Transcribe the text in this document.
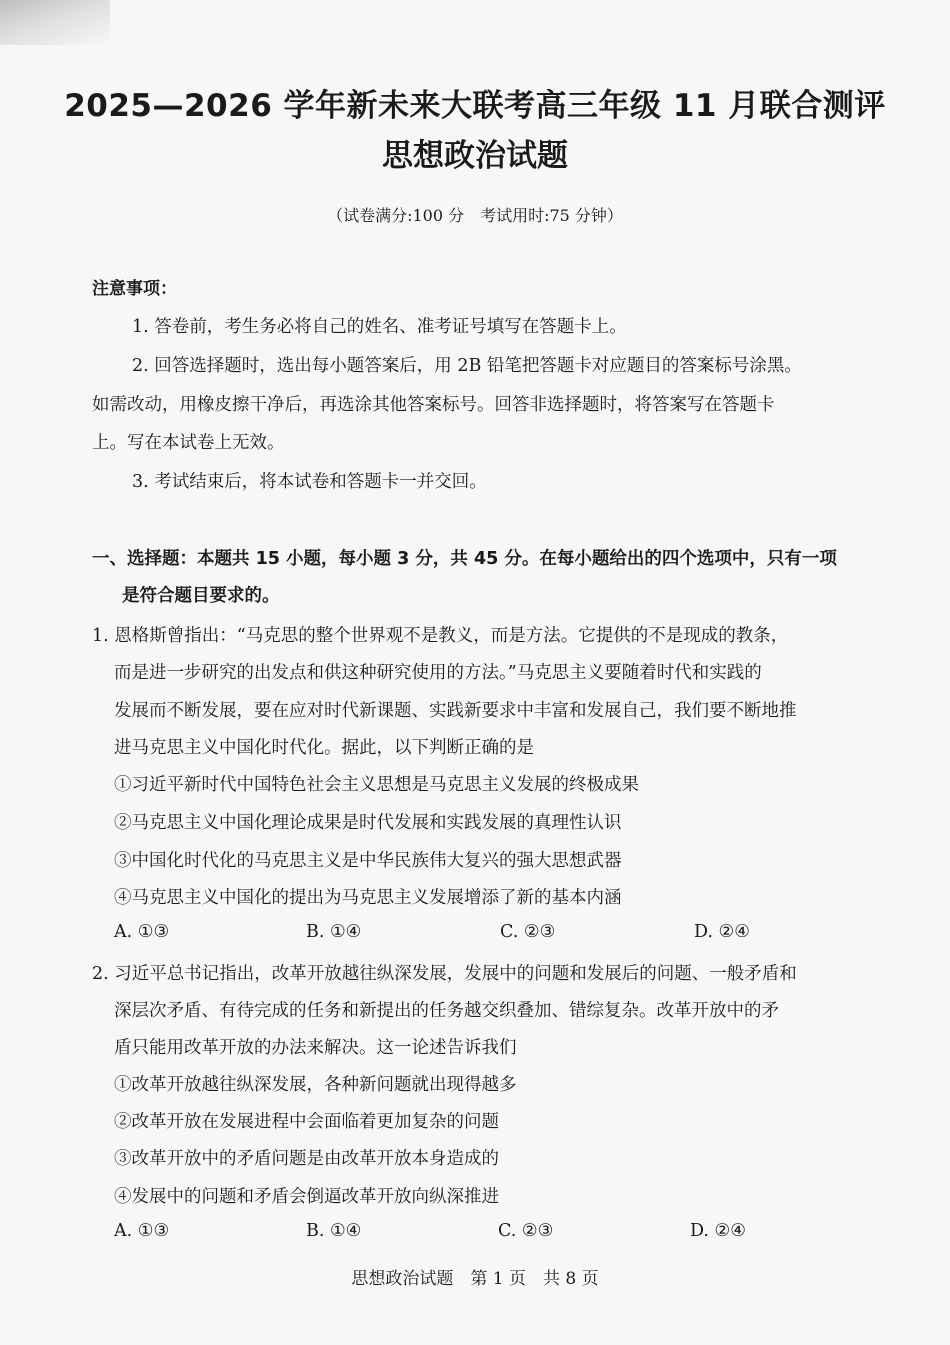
2025—2026 学年新未来大联考高三年级 11 月联合测评
思想政治试题
（试卷满分:100 分　考试用时:75 分钟）
注意事项：
1. 答卷前，考生务必将自己的姓名、准考证号填写在答题卡上。
2. 回答选择题时，选出每小题答案后，用 2B 铅笔把答题卡对应题目的答案标号涂黑。
如需改动，用橡皮擦干净后，再选涂其他答案标号。回答非选择题时，将答案写在答题卡
上。写在本试卷上无效。
3. 考试结束后，将本试卷和答题卡一并交回。
一、选择题：本题共 15 小题，每小题 3 分，共 45 分。在每小题给出的四个选项中，只有一项
是符合题目要求的。
1. 恩格斯曾指出：“马克思的整个世界观不是教义，而是方法。它提供的不是现成的教条，
而是进一步研究的出发点和供这种研究使用的方法。”马克思主义要随着时代和实践的
发展而不断发展，要在应对时代新课题、实践新要求中丰富和发展自己，我们要不断地推
进马克思主义中国化时代化。据此，以下判断正确的是
①习近平新时代中国特色社会主义思想是马克思主义发展的终极成果
②马克思主义中国化理论成果是时代发展和实践发展的真理性认识
③中国化时代化的马克思主义是中华民族伟大复兴的强大思想武器
④马克思主义中国化的提出为马克思主义发展增添了新的基本内涵
A. ①③	B. ①④	C. ②③	D. ②④
2. 习近平总书记指出，改革开放越往纵深发展，发展中的问题和发展后的问题、一般矛盾和
深层次矛盾、有待完成的任务和新提出的任务越交织叠加、错综复杂。改革开放中的矛
盾只能用改革开放的办法来解决。这一论述告诉我们
①改革开放越往纵深发展，各种新问题就出现得越多
②改革开放在发展进程中会面临着更加复杂的问题
③改革开放中的矛盾问题是由改革开放本身造成的
④发展中的问题和矛盾会倒逼改革开放向纵深推进
A. ①③	B. ①④	C. ②③	D. ②④
思想政治试题　第 1 页　共 8 页
